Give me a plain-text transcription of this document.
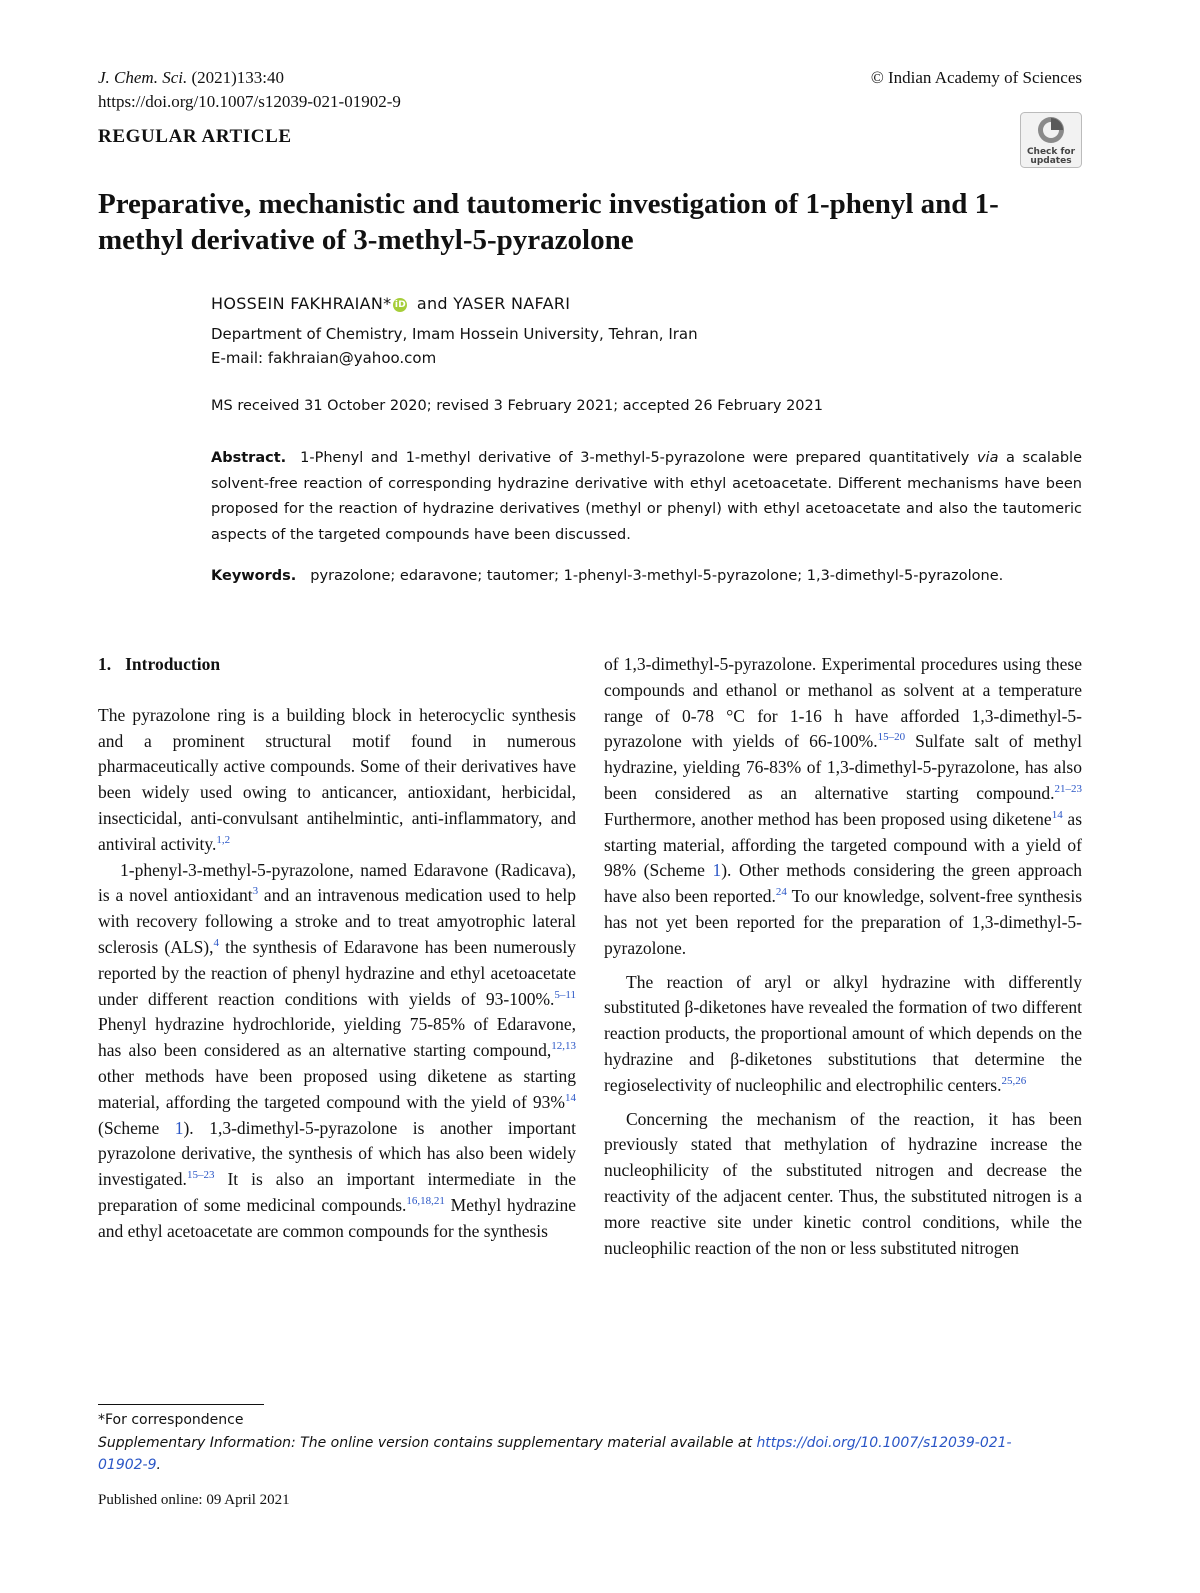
J. Chem. Sci. (2021)133:40
https://doi.org/10.1007/s12039-021-01902-9
© Indian Academy of Sciences
REGULAR ARTICLE
Check for
updates
Preparative, mechanistic and tautomeric investigation of 1-phenyl and 1-methyl derivative of 3-methyl-5-pyrazolone
HOSSEIN FAKHRAIAN* iD and YASER NAFARI
Department of Chemistry, Imam Hossein University, Tehran, Iran
E-mail: fakhraian@yahoo.com
MS received 31 October 2020; revised 3 February 2021; accepted 26 February 2021

Abstract. 1-Phenyl and 1-methyl derivative of 3-methyl-5-pyrazolone were prepared quantitatively via a scalable solvent-free reaction of corresponding hydrazine derivative with ethyl acetoacetate. Different mechanisms have been proposed for the reaction of hydrazine derivatives (methyl or phenyl) with ethyl acetoacetate and also the tautomeric aspects of the targeted compounds have been discussed.

Keywords. pyrazolone; edaravone; tautomer; 1-phenyl-3-methyl-5-pyrazolone; 1,3-dimethyl-5-pyrazolone.

1. Introduction

The pyrazolone ring is a building block in heterocyclic synthesis and a prominent structural motif found in numerous pharmaceutically active compounds. Some of their derivatives have been widely used owing to anticancer, antioxidant, herbicidal, insecticidal, anti-convulsant antihelmintic, anti-inflammatory, and antiviral activity.$^{1,2}$

1-phenyl-3-methyl-5-pyrazolone, named Edaravone (Radicava), is a novel antioxidant$^3$ and an intravenous medication used to help with recovery following a stroke and to treat amyotrophic lateral sclerosis (ALS),$^4$ the synthesis of Edaravone has been numerously reported by the reaction of phenyl hydrazine and ethyl acetoacetate under different reaction conditions with yields of 93-100%.$^{5-11}$ Phenyl hydrazine hydrochloride, yielding 75-85% of Edaravone, has also been considered as an alternative starting compound,$^{12,13}$ other methods have been proposed using diketene as starting material, affording the targeted compound with the yield of 93%$^{14}$ (Scheme 1). 1,3-dimethyl-5-pyrazolone is another important pyrazolone derivative, the synthesis of which has also been widely investigated.$^{15-23}$ It is also an important intermediate in the preparation of some medicinal compounds.$^{16,18,21}$ Methyl hydrazine and ethyl acetoacetate are common compounds for the synthesis

of 1,3-dimethyl-5-pyrazolone. Experimental procedures using these compounds and ethanol or methanol as solvent at a temperature range of 0-78 °C for 1-16 h have afforded 1,3-dimethyl-5-pyrazolone with yields of 66-100%.$^{15-20}$ Sulfate salt of methyl hydrazine, yielding 76-83% of 1,3-dimethyl-5-pyrazolone, has also been considered as an alternative starting compound.$^{21-23}$ Furthermore, another method has been proposed using diketene$^{14}$ as starting material, affording the targeted compound with a yield of 98% (Scheme 1). Other methods considering the green approach have also been reported.$^{24}$ To our knowledge, solvent-free synthesis has not yet been reported for the preparation of 1,3-dimethyl-5-pyrazolone.

The reaction of aryl or alkyl hydrazine with differently substituted β-diketones have revealed the formation of two different reaction products, the proportional amount of which depends on the hydrazine and β-diketones substitutions that determine the regioselectivity of nucleophilic and electrophilic centers.$^{25,26}$

Concerning the mechanism of the reaction, it has been previously stated that methylation of hydrazine increase the nucleophilicity of the substituted nitrogen and decrease the reactivity of the adjacent center. Thus, the substituted nitrogen is a more reactive site under kinetic control conditions, while the nucleophilic reaction of the non or less substituted nitrogen

*For correspondence
Supplementary Information: The online version contains supplementary material available at https://doi.org/10.1007/s12039-021-01902-9.
Published online: 09 April 2021
